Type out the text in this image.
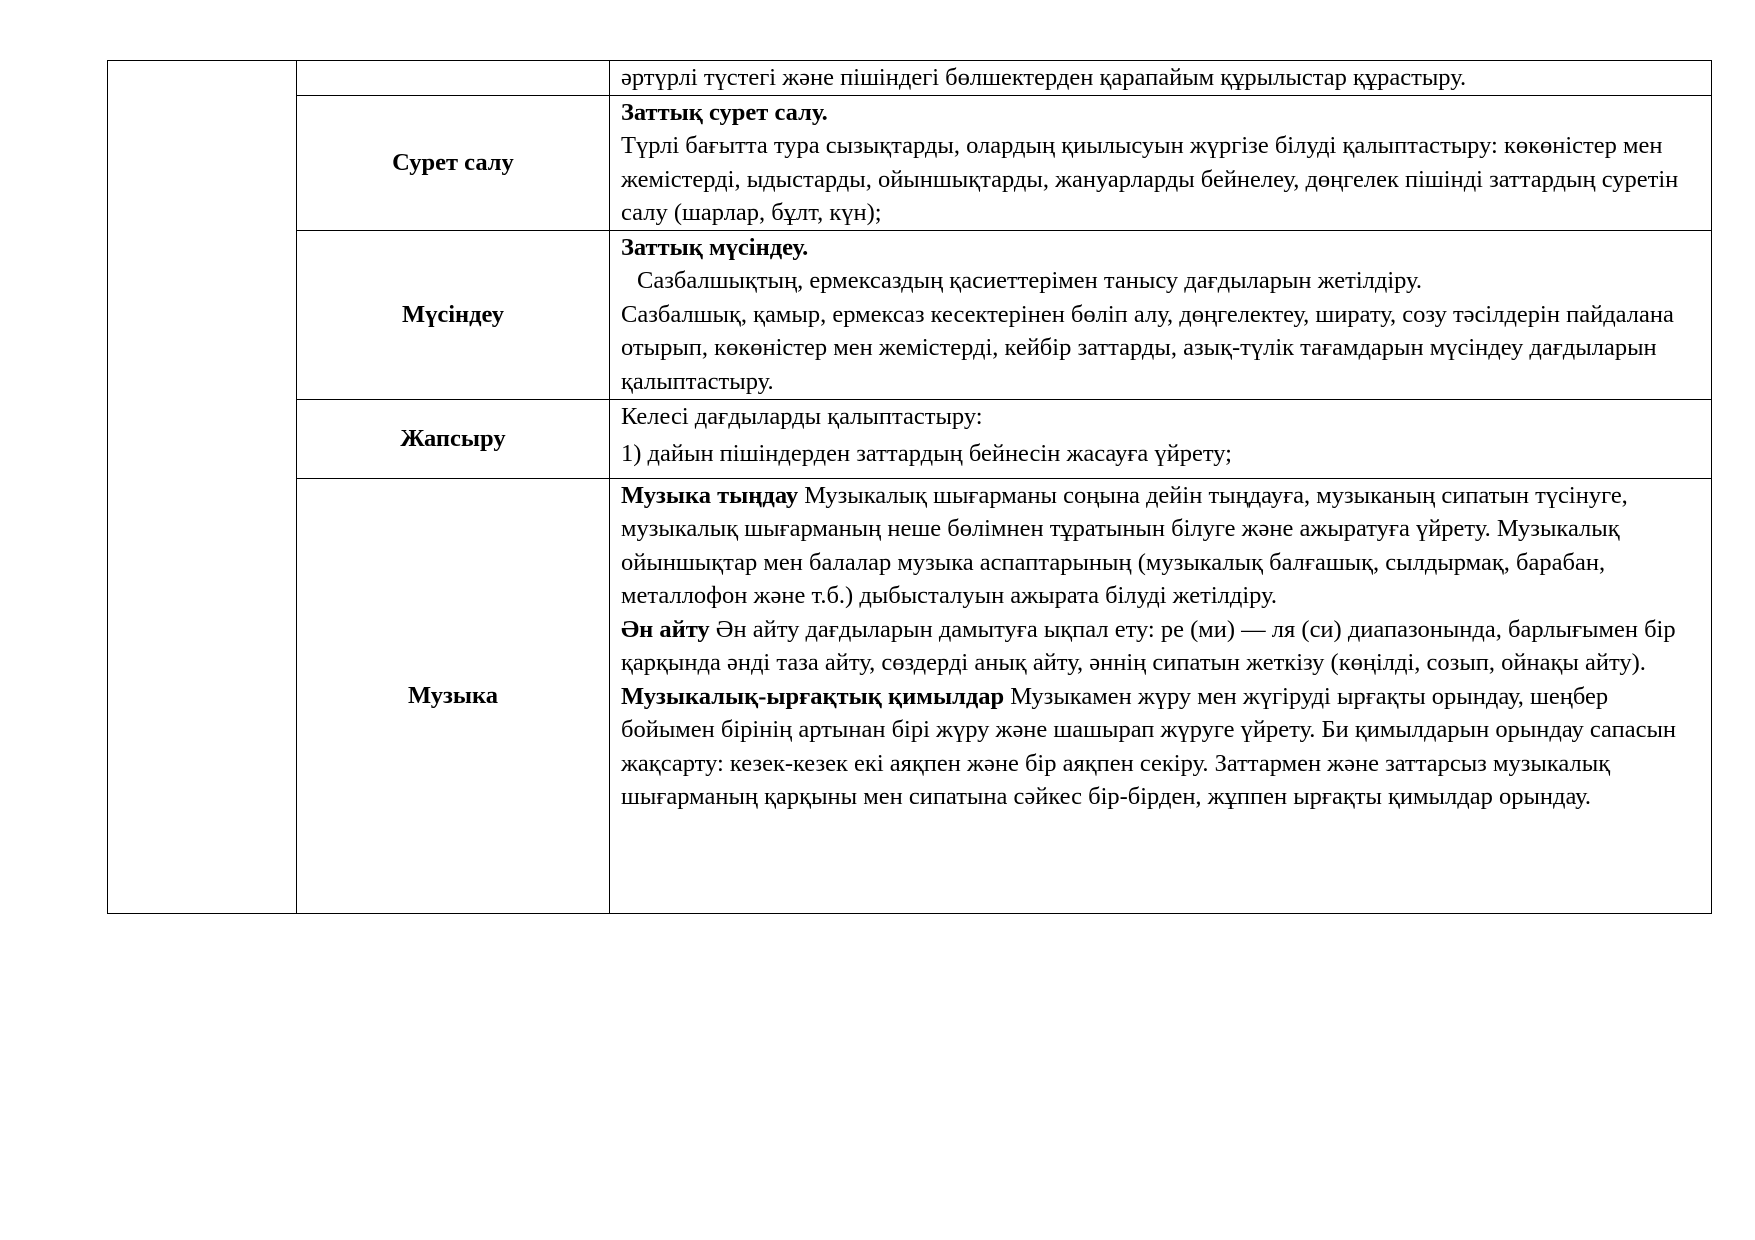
		әртүрлі түстегі және пішіндегі бөлшектерден қарапайым құрылыстар құрастыру.

	Сурет салу	Заттық сурет салу.
Түрлі бағытта тура сызықтарды, олардың қиылысуын жүргізе білуді қалыптастыру: көкөністер мен жемістерді, ыдыстарды, ойыншықтарды, жануарларды бейнелеу, дөңгелек пішінді заттардың суретін салу (шарлар, бұлт, күн);

	Мүсіндеу	Заттық мүсіндеу.
Сазбалшықтың, ермексаздың қасиеттерімен танысу дағдыларын жетілдіру.
Сазбалшық, қамыр, ермексаз кесектерінен бөліп алу, дөңгелектеу, ширату, созу тәсілдерін пайдалана отырып, көкөністер мен жемістерді, кейбір заттарды, азық-түлік тағамдарын мүсіндеу дағдыларын қалыптастыру.

	Жапсыру	Келесі дағдыларды қалыптастыру:
1) дайын пішіндерден заттардың бейнесін жасауға үйрету;

	Музыка	Музыка тыңдау Музыкалық шығарманы соңына дейін тыңдауға, музыканың сипатын түсінуге, музыкалық шығарманың неше бөлімнен тұратынын білуге және ажыратуға үйрету. Музыкалық ойыншықтар мен балалар музыка аспаптарының (музыкалық балғашық, сылдырмақ, барабан, металлофон және т.б.) дыбысталуын ажырата білуді жетілдіру.
Ән айту Ән айту дағдыларын дамытуға ықпал ету: ре (ми) — ля (си) диапазонында, барлығымен бір қарқында әнді таза айту, сөздерді анық айту, әннің сипатын жеткізу (көңілді, созып, ойнақы айту).
Музыкалық-ырғақтық қимылдар Музыкамен жүру мен жүгіруді ырғақты орындау, шеңбер бойымен бірінің артынан бірі жүру және шашырап жүруге үйрету. Би қимылдарын орындау сапасын жақсарту: кезек-кезек екі аяқпен және бір аяқпен секіру. Заттармен және заттарсыз музыкалық шығарманың қарқыны мен сипатына сәйкес бір-бірден, жұппен ырғақты қимылдар орындау.
